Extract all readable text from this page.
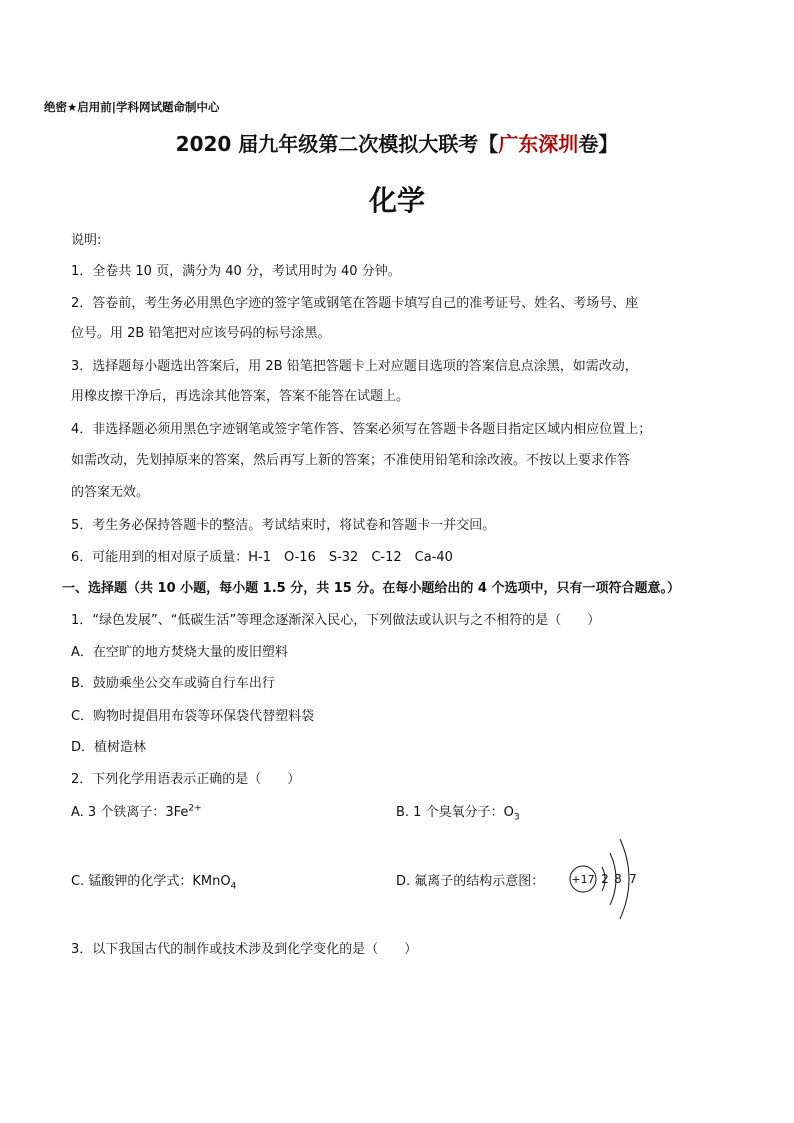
绝密★启用前|学科网试题命制中心
2020 届九年级第二次模拟大联考【广东深圳卷】
化学
说明:
1．全卷共 10 页，满分为 40 分，考试用时为 40 分钟。
2．答卷前，考生务必用黑色字迹的签字笔或钢笔在答题卡填写自己的准考证号、姓名、考场号、座
位号。用 2B 铅笔把对应该号码的标号涂黑。
3．选择题每小题选出答案后，用 2B 铅笔把答题卡上对应题目选项的答案信息点涂黑，如需改动，
用橡皮擦干净后，再选涂其他答案，答案不能答在试题上。
4．非选择题必须用黑色字迹钢笔或签字笔作答、答案必须写在答题卡各题目指定区域内相应位置上；
如需改动，先划掉原来的答案，然后再写上新的答案；不准使用铅笔和涂改液。不按以上要求作答
的答案无效。
5．考生务必保持答题卡的整洁。考试结束时，将试卷和答题卡一并交回。
6．可能用到的相对原子质量：H-1　O-16　S-32　C-12　Ca-40
一、选择题（共 10 小题，每小题 1.5 分，共 15 分。在每小题给出的 4 个选项中，只有一项符合题意。）
1．“绿色发展”、“低碳生活”等理念逐渐深入民心，下列做法或认识与之不相符的是（　　）
A．在空旷的地方焚烧大量的废旧塑料
B．鼓励乘坐公交车或骑自行车出行
C．购物时提倡用布袋等环保袋代替塑料袋
D．植树造林
2．下列化学用语表示正确的是（　　）
A. 3 个铁离子：$3Fe^{2+}$	B. 1 个臭氧分子：$O_3$
C. 锰酸钾的化学式：KMnO$_4$	D. 氟离子的结构示意图： +17 2 8 7
3．以下我国古代的制作或技术涉及到化学变化的是（　　）
